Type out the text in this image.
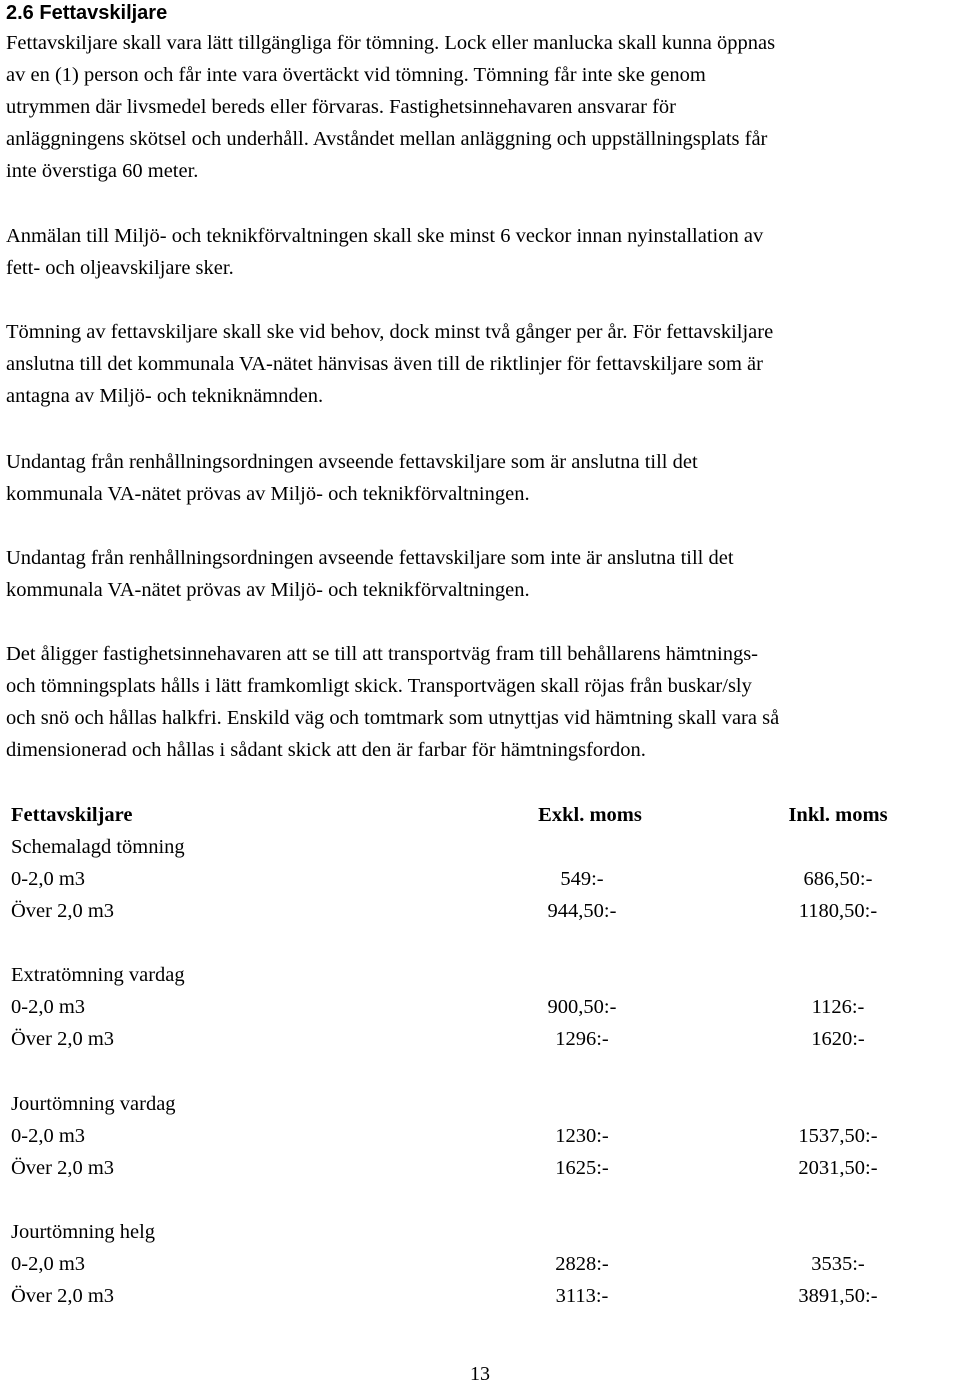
2.6 Fettavskiljare

Fettavskiljare skall vara lätt tillgängliga för tömning. Lock eller manlucka skall kunna öppnas
av en (1) person och får inte vara övertäckt vid tömning. Tömning får inte ske genom
utrymmen där livsmedel bereds eller förvaras. Fastighetsinnehavaren ansvarar för
anläggningens skötsel och underhåll. Avståndet mellan anläggning och uppställningsplats får
inte överstiga 60 meter.

Anmälan till Miljö- och teknikförvaltningen skall ske minst 6 veckor innan nyinstallation av
fett- och oljeavskiljare sker.

Tömning av fettavskiljare skall ske vid behov, dock minst två gånger per år. För fettavskiljare
anslutna till det kommunala VA-nätet hänvisas även till de riktlinjer för fettavskiljare som är
antagna av Miljö- och tekniknämnden.

Undantag från renhållningsordningen avseende fettavskiljare som är anslutna till det
kommunala VA-nätet prövas av Miljö- och teknikförvaltningen.

Undantag från renhållningsordningen avseende fettavskiljare som inte är anslutna till det
kommunala VA-nätet prövas av Miljö- och teknikförvaltningen.

Det åligger fastighetsinnehavaren att se till att transportväg fram till behållarens hämtnings-
och tömningsplats hålls i lätt framkomligt skick. Transportvägen skall röjas från buskar/sly
och snö och hållas halkfri. Enskild väg och tomtmark som utnyttjas vid hämtning skall vara så
dimensionerad och hållas i sådant skick att den är farbar för hämtningsfordon.

Fettavskiljare	Exkl. moms	Inkl. moms
Schemalagd tömning
0-2,0 m3	549:-	686,50:-
Över 2,0 m3	944,50:-	1180,50:-
Extratömning vardag
0-2,0 m3	900,50:-	1126:-
Över 2,0 m3	1296:-	1620:-
Jourtömning vardag
0-2,0 m3	1230:-	1537,50:-
Över 2,0 m3	1625:-	2031,50:-
Jourtömning helg
0-2,0 m3	2828:-	3535:-
Över 2,0 m3	3113:-	3891,50:-
13
